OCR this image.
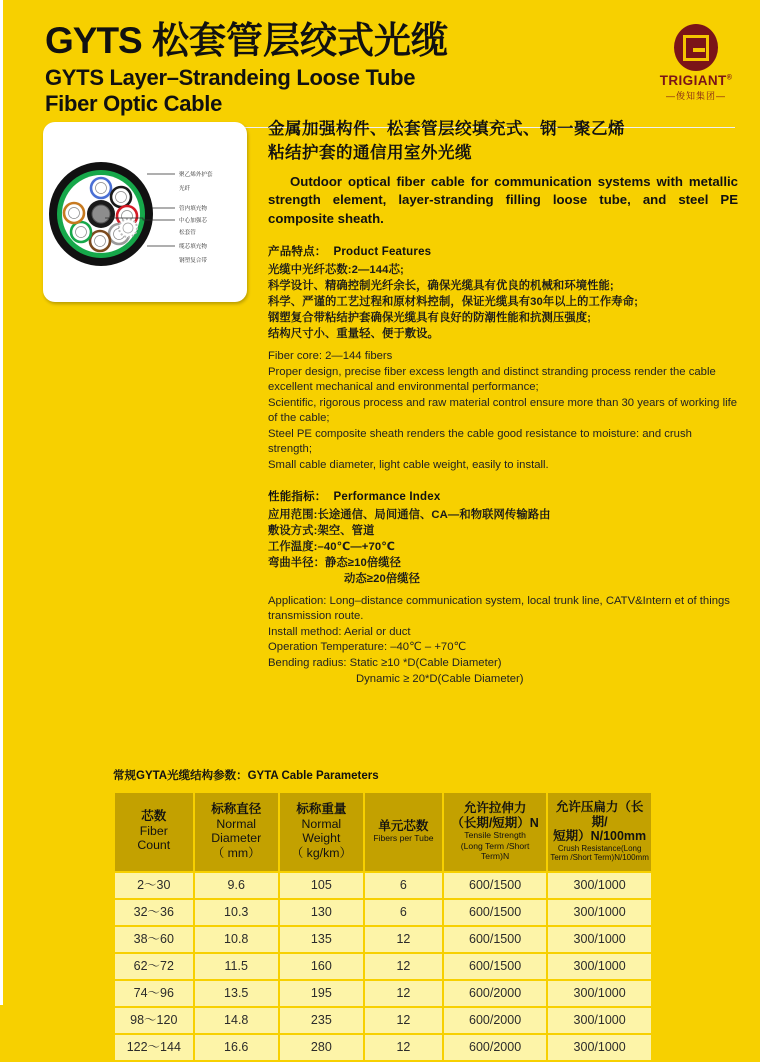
GYTS 松套管层绞式光缆
GYTS Layer–Strandeing Loose Tube
Fiber Optic Cable
TRIGIANT®
—俊知集团—
聚乙烯外护套
光纤
管内填充物
中心加强芯
松套管
缆芯填充物
钢塑复合带
金属加强构件、松套管层绞填充式、钢一聚乙烯
粘结护套的通信用室外光缆
Outdoor optical fiber cable for communication systems with metallic strength element, layer-stranding filling loose tube, and steel PE composite sheath.
产品特点： Product Features
光缆中光纤芯数:2—144芯;
科学设计、精确控制光纤余长，确保光缆具有优良的机械和环境性能;
科学、严谨的工艺过程和原材料控制，保证光缆具有30年以上的工作寿命;
钢塑复合带粘结护套确保光缆具有良好的防潮性能和抗测压强度;
结构尺寸小、重量轻、便于敷设。
Fiber core: 2—144 fibers
Proper design, precise fiber excess length and distinct stranding process render the cable excellent mechanical and environmental performance;
Scientific, rigorous process and raw material control ensure more than 30 years of working life of the cable;
Steel PE composite sheath renders the cable good resistance to moisture: and crush strength;
Small cable diameter, light cable weight, easily to install.
性能指标： Performance Index
应用范围:长途通信、局间通信、CA—和物联网传输路由
敷设方式:架空、管道
工作温度:–40℃—+70℃
弯曲半径：静态≥10倍缆径
动态≥20倍缆径
Application: Long–distance communication system, local trunk line, CATV&Intern et of things transmission route.
Install method: Aerial or duct
Operation Temperature: –40℃ – +70℃
Bending radius: Static ≥10 *D(Cable Diameter)
Dynamic ≥ 20*D(Cable Diameter)
常规GYTA光缆结构参数：GYTA Cable Parameters
芯数
Fiber
Count	标称直径
Normal
Diameter
（ mm）	标称重量
Normal
Weight
（ kg/km）	单元芯数
Fibers per Tube	允许拉伸力
（长期/短期）N
Tensile Strength
(Long Term /Short Term)N	允许压扁力（长期/
短期）N/100mm
Crush Resistance(Long
Term /Short Term)N/100mm

2～30	9.6	105	6	600/1500	300/1000
32～36	10.3	130	6	600/1500	300/1000
38～60	10.8	135	12	600/1500	300/1000
62～72	11.5	160	12	600/1500	300/1000
74～96	13.5	195	12	600/2000	300/1000
98～120	14.8	235	12	600/2000	300/1000
122～144	16.6	280	12	600/2000	300/1000
